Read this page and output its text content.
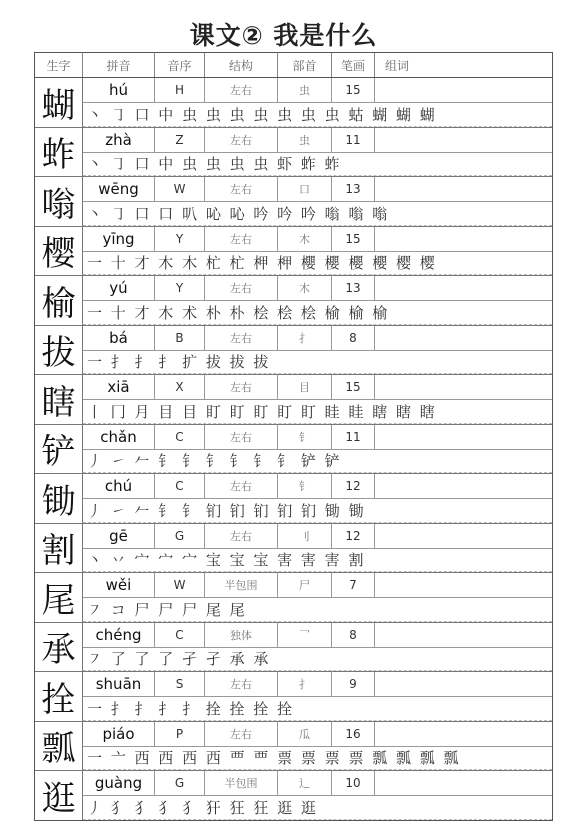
课文② 我是什么
生字	拼音	音序	结构	部首	笔画	组词
蝴	hú	H	左右	虫	15
丶 ㇆ 口 中 虫 虫 虫 虫 虫 虫 虫 蛄 蝴 蝴 蝴
蚱	zhà	Z	左右	虫	11
丶 ㇆ 口 中 虫 虫 虫 虫 虾 蚱 蚱
嗡	wēng	W	左右	口	13
丶 ㇆ 口 口 叭 吣 吣 吟 吟 吟 嗡 嗡 嗡
樱	yīng	Y	左右	木	15
一 十 才 木 木 杧 杧 柙 柙 櫻 櫻 櫻 櫻 樱 樱
榆	yú	Y	左右	木	13
一 十 才 木 术 朴 朴 桧 桧 桧 榆 榆 榆
拔	bá	B	左右	扌	8
一 扌 扌 扌 扩 拔 拔 拔
瞎	xiā	X	左右	目	15
丨 冂 月 目 目 盯 盯 盯 盯 盯 眭 眭 瞎 瞎 瞎
铲	chǎn	C	左右	钅	11
丿 ㇀ 𠂉 钅 钅 钅 钅 钅 钅 铲 铲
锄	chú	C	左右	钅	12
丿 ㇀ 𠂉 钅 钅 钔 钔 钔 钔 钔 锄 锄
割	gē	G	左右	刂	12
丶 丷 宀 宀 宀 宝 宝 宝 害 害 害 割
尾	wěi	W	半包围	尸	7
㇇ コ 尸 尸 尸 尾 尾
承	chéng	C	独体	乛	8
㇇ 了 了 了 孑 孑 承 承
拴	shuān	S	左右	扌	9
一 扌 扌 扌 扌 拴 拴 拴 拴
瓢	piáo	P	左右	瓜	16
一 亠 西 西 西 西 覀 覀 票 票 票 票 瓢 瓢 瓢 瓢
逛	guàng	G	半包围	辶	10
丿 犭 犭 犭 犭 犴 狂 狂 逛 逛
